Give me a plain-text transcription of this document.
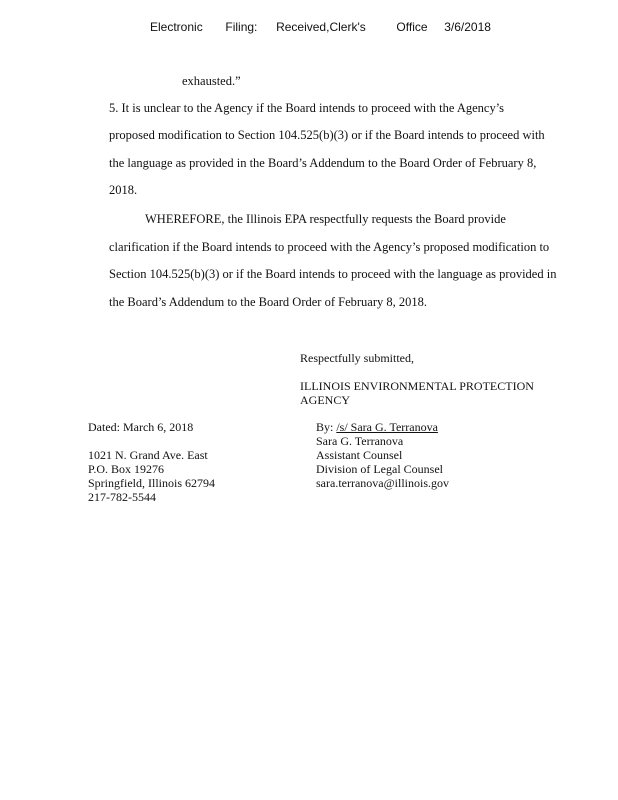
Electronic Filing: Received,Clerk's	Office 3/6/2018
exhausted.”
5. It is unclear to the Agency if the Board intends to proceed with the Agency’s
proposed modification to Section 104.525(b)(3) or if the Board intends to proceed with
the language as provided in the Board’s Addendum to the Board Order of February 8,
2018.
WHEREFORE, the Illinois EPA respectfully requests the Board provide
clarification if the Board intends to proceed with the Agency’s proposed modification to
Section 104.525(b)(3) or if the Board intends to proceed with the language as provided in
the Board’s Addendum to the Board Order of February 8, 2018.
Respectfully submitted,
ILLINOIS ENVIRONMENTAL PROTECTION
AGENCY
Dated: March 6, 2018	By: /s/ Sara G. Terranova
Sara G. Terranova
Assistant Counsel
Division of Legal Counsel
sara.terranova@illinois.gov
1021 N. Grand Ave. East
P.O. Box 19276
Springfield, Illinois 62794
217-782-5544
